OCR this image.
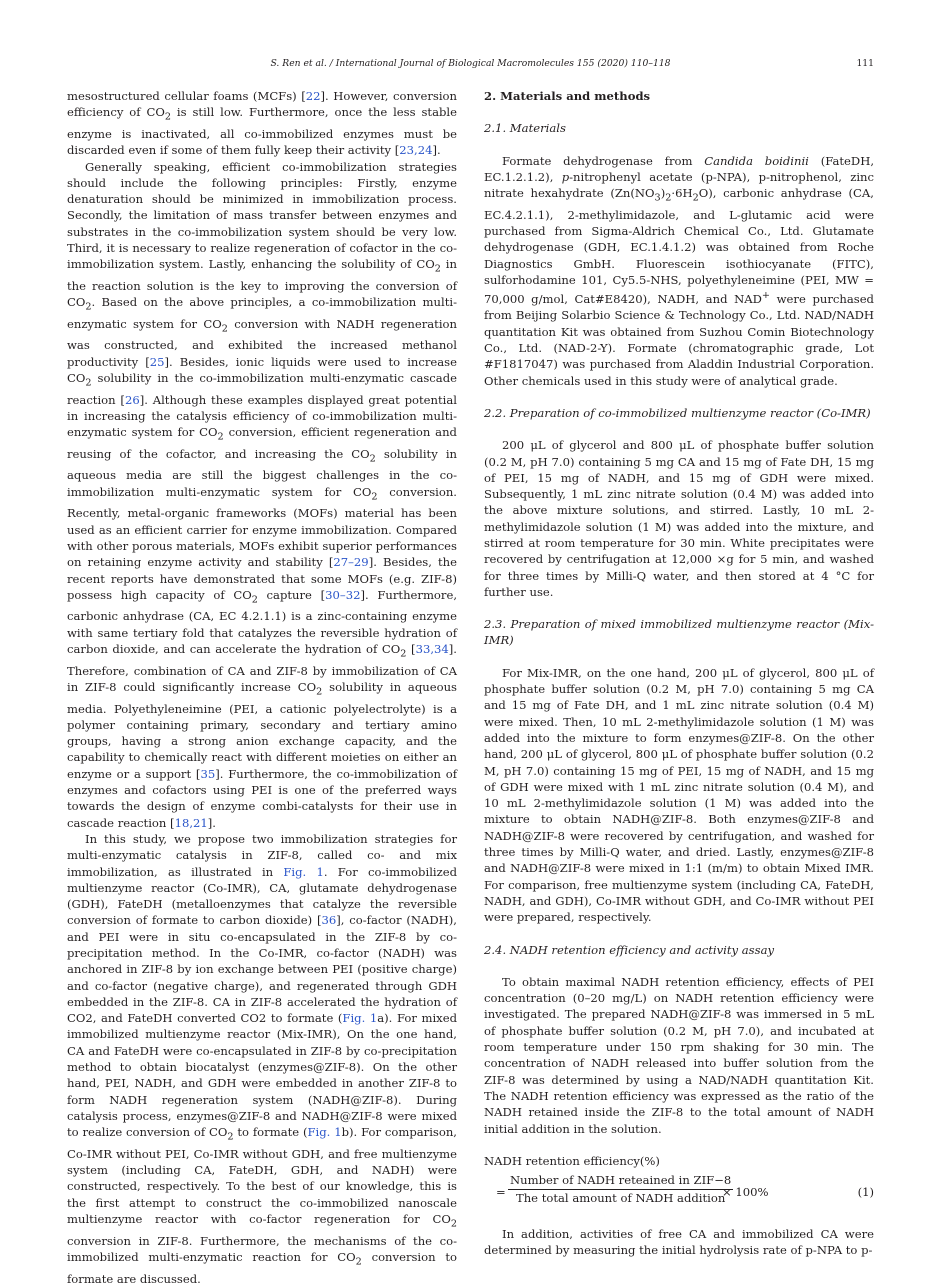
S. Ren et al. / International Journal of Biological Macromolecules 155 (2020) 110–118	111

mesostructured cellular foams (MCFs) [22]. However, conversion efficiency of $CO_2$ is still low. Furthermore, once the less stable enzyme is inactivated, all co-immobilized enzymes must be discarded even if some of them fully keep their activity [23,24].

Generally speaking, efficient co-immobilization strategies should include the following principles: Firstly, enzyme denaturation should be minimized in immobilization process. Secondly, the limitation of mass transfer between enzymes and substrates in the co-immobilization system should be very low. Third, it is necessary to realize regeneration of cofactor in the co-immobilization system. Lastly, enhancing the solubility of $CO_2$ in the reaction solution is the key to improving the conversion of $CO_2$. Based on the above principles, a co-immobilization multi-enzymatic system for $CO_2$ conversion with NADH regeneration was constructed, and exhibited the increased methanol productivity [25]. Besides, ionic liquids were used to increase $CO_2$ solubility in the co-immobilization multi-enzymatic cascade reaction [26]. Although these examples displayed great potential in increasing the catalysis efficiency of co-immobilization multi-enzymatic system for $CO_2$ conversion, efficient regeneration and reusing of the cofactor, and increasing the $CO_2$ solubility in aqueous media are still the biggest challenges in the co-immobilization multi-enzymatic system for $CO_2$ conversion. Recently, metal-organic frameworks (MOFs) material has been used as an efficient carrier for enzyme immobilization. Compared with other porous materials, MOFs exhibit superior performances on retaining enzyme activity and stability [27–29]. Besides, the recent reports have demonstrated that some MOFs (e.g. ZIF-8) possess high capacity of $CO_2$ capture [30–32]. Furthermore, carbonic anhydrase (CA, EC 4.2.1.1) is a zinc-containing enzyme with same tertiary fold that catalyzes the reversible hydration of carbon dioxide, and can accelerate the hydration of $CO_2$ [33,34]. Therefore, combination of CA and ZIF-8 by immobilization of CA in ZIF-8 could significantly increase $CO_2$ solubility in aqueous media. Polyethyleneimine (PEI, a cationic polyelectrolyte) is a polymer containing primary, secondary and tertiary amino groups, having a strong anion exchange capacity, and the capability to chemically react with different moieties on either an enzyme or a support [35]. Furthermore, the co-immobilization of enzymes and cofactors using PEI is one of the preferred ways towards the design of enzyme combi-catalysts for their use in cascade reaction [18,21].

In this study, we propose two immobilization strategies for multi-enzymatic catalysis in ZIF-8, called co- and mix immobilization, as illustrated in Fig. 1. For co-immobilized multienzyme reactor (Co-IMR), CA, glutamate dehydrogenase (GDH), FateDH (metalloenzymes that catalyze the reversible conversion of formate to carbon dioxide) [36], co-factor (NADH), and PEI were in situ co-encapsulated in the ZIF-8 by co-precipitation method. In the Co-IMR, co-factor (NADH) was anchored in ZIF-8 by ion exchange between PEI (positive charge) and co-factor (negative charge), and regenerated through GDH embedded in the ZIF-8. CA in ZIF-8 accelerated the hydration of CO2, and FateDH converted CO2 to formate (Fig. 1a). For mixed immobilized multienzyme reactor (Mix-IMR), On the one hand, CA and FateDH were co-encapsulated in ZIF-8 by co-precipitation method to obtain biocatalyst (enzymes@ZIF-8). On the other hand, PEI, NADH, and GDH were embedded in another ZIF-8 to form NADH regeneration system (NADH@ZIF-8). During catalysis process, enzymes@ZIF-8 and NADH@ZIF-8 were mixed to realize conversion of $CO_2$ to formate (Fig. 1b). For comparison, Co-IMR without PEI, Co-IMR without GDH, and free multienzyme system (including CA, FateDH, GDH, and NADH) were constructed, respectively. To the best of our knowledge, this is the first attempt to construct the co-immobilized nanoscale multienzyme reactor with co-factor regeneration for $CO_2$ conversion in ZIF-8. Furthermore, the mechanisms of the co-immobilized multi-enzymatic reaction for $CO_2$ conversion to formate are discussed.

2. Materials and methods

2.1. Materials

Formate dehydrogenase from Candida boidinii (FateDH, EC.1.2.1.2), p-nitrophenyl acetate (p-NPA), p-nitrophenol, zinc nitrate hexahydrate $(Zn(NO_3)_2\cdot 6H_2O)$, carbonic anhydrase (CA, EC.4.2.1.1), 2-methylimidazole, and L-glutamic acid were purchased from Sigma-Aldrich Chemical Co., Ltd. Glutamate dehydrogenase (GDH, EC.1.4.1.2) was obtained from Roche Diagnostics GmbH. Fluorescein isothiocyanate (FITC), sulforhodamine 101, Cy5.5-NHS, polyethyleneimine (PEI, MW = 70,000 g/mol, Cat#E8420), NADH, and NAD+ were purchased from Beijing Solarbio Science & Technology Co., Ltd. NAD/NADH quantitation Kit was obtained from Suzhou Comin Biotechnology Co., Ltd. (NAD-2-Y). Formate (chromatographic grade, Lot #F1817047) was purchased from Aladdin Industrial Corporation. Other chemicals used in this study were of analytical grade.

2.2. Preparation of co-immobilized multienzyme reactor (Co-IMR)

200 μL of glycerol and 800 μL of phosphate buffer solution (0.2 M, pH 7.0) containing 5 mg CA and 15 mg of Fate DH, 15 mg of PEI, 15 mg of NADH, and 15 mg of GDH were mixed. Subsequently, 1 mL zinc nitrate solution (0.4 M) was added into the above mixture solutions, and stirred. Lastly, 10 mL 2-methylimidazole solution (1 M) was added into the mixture, and stirred at room temperature for 30 min. White precipitates were recovered by centrifugation at 12,000 ×g for 5 min, and washed for three times by Milli-Q water, and then stored at 4 °C for further use.

2.3. Preparation of mixed immobilized multienzyme reactor (Mix-IMR)

For Mix-IMR, on the one hand, 200 μL of glycerol, 800 μL of phosphate buffer solution (0.2 M, pH 7.0) containing 5 mg CA and 15 mg of Fate DH, and 1 mL zinc nitrate solution (0.4 M) were mixed. Then, 10 mL 2-methylimidazole solution (1 M) was added into the mixture to form enzymes@ZIF-8. On the other hand, 200 μL of glycerol, 800 μL of phosphate buffer solution (0.2 M, pH 7.0) containing 15 mg of PEI, 15 mg of NADH, and 15 mg of GDH were mixed with 1 mL zinc nitrate solution (0.4 M), and 10 mL 2-methylimidazole solution (1 M) was added into the mixture to obtain NADH@ZIF-8. Both enzymes@ZIF-8 and NADH@ZIF-8 were recovered by centrifugation, and washed for three times by Milli-Q water, and dried. Lastly, enzymes@ZIF-8 and NADH@ZIF-8 were mixed in 1:1 (m/m) to obtain Mixed IMR. For comparison, free multienzyme system (including CA, FateDH, NADH, and GDH), Co-IMR without GDH, and Co-IMR without PEI were prepared, respectively.

2.4. NADH retention efficiency and activity assay

To obtain maximal NADH retention efficiency, effects of PEI concentration (0–20 mg/L) on NADH retention efficiency were investigated. The prepared NADH@ZIF-8 was immersed in 5 mL of phosphate buffer solution (0.2 M, pH 7.0), and incubated at room temperature under 150 rpm shaking for 30 min. The concentration of NADH released into buffer solution from the ZIF-8 was determined by using a NAD/NADH quantitation Kit. The NADH retention efficiency was expressed as the ratio of the NADH retained inside the ZIF-8 to the total amount of NADH initial addition in the solution.

NADH retention efficiency(%)

=
Number of NADH reteained in ZIF−8
The total amount of NADH addition
× 100%	(1)

In addition, activities of free CA and immobilized CA were determined by measuring the initial hydrolysis rate of p-NPA to p-
